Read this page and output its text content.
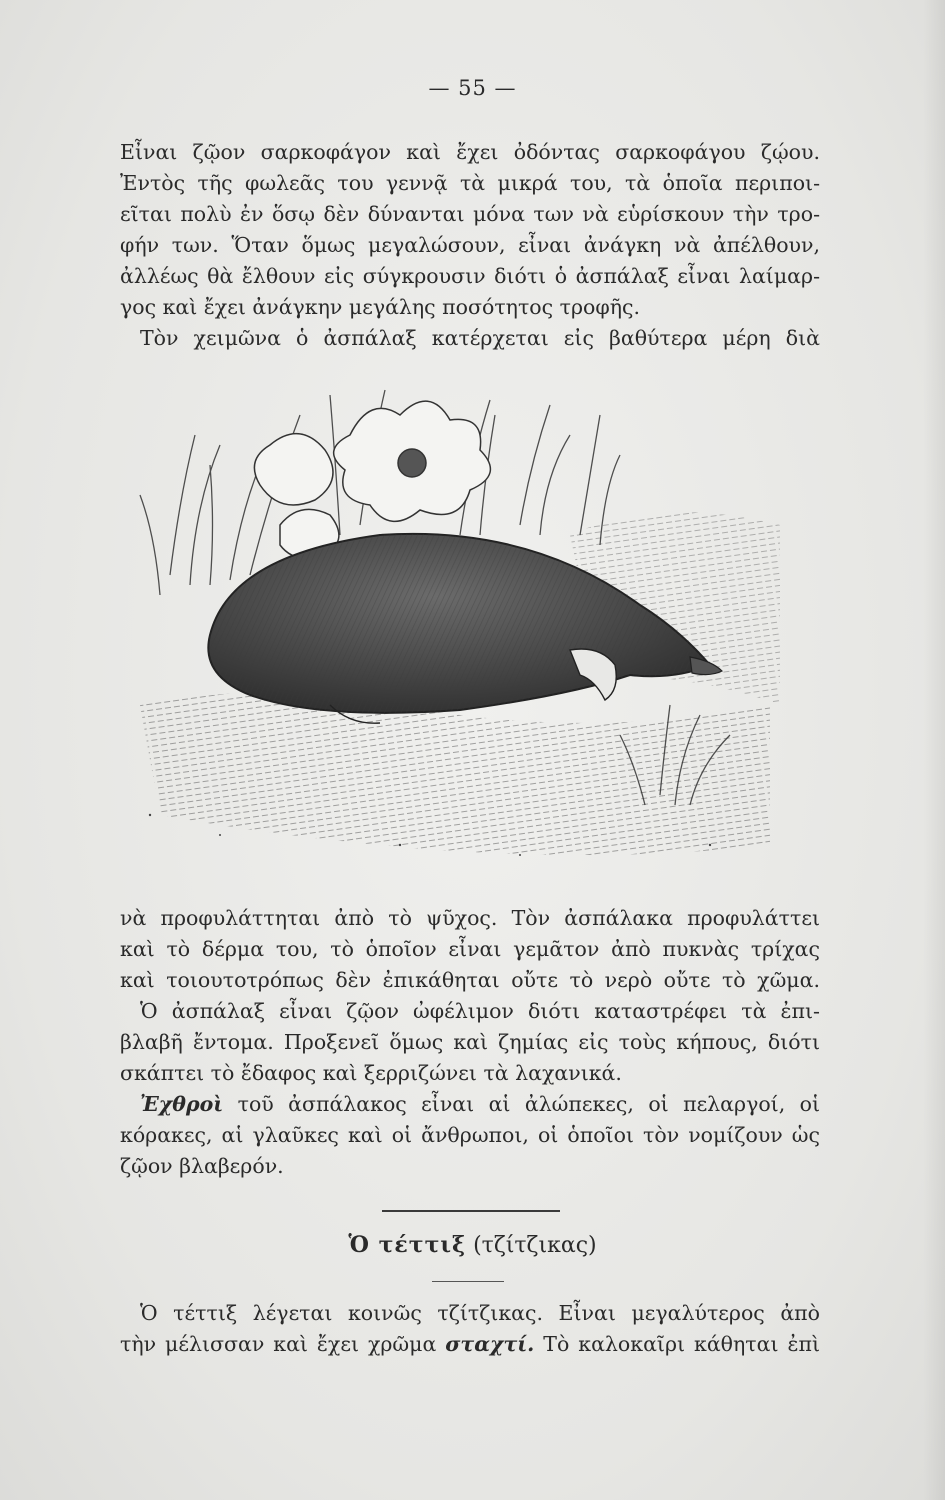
— 55 —
Εἶναι ζῷον σαρκοφάγον καὶ ἔχει ὀδόντας σαρκοφάγου ζῴου.
Ἐντὸς τῆς φωλεᾶς του γεννᾷ τὰ μικρά του, τὰ ὁποῖα περιποι-
εῖται πολὺ ἐν ὅσῳ δὲν δύνανται μόνα των νὰ εὑρίσκουν τὴν τρο-
φήν των. Ὅταν ὅμως μεγαλώσουν, εἶναι ἀνάγκη νὰ ἀπέλθουν,
ἀλλέως θὰ ἔλθουν εἰς σύγκρουσιν διότι ὁ ἀσπάλαξ εἶναι λαίμαρ-
γος καὶ ἔχει ἀνάγκην μεγάλης ποσότητος τροφῆς.
Τὸν χειμῶνα ὁ ἀσπάλαξ κατέρχεται εἰς βαθύτερα μέρη διὰ
νὰ προφυλάττηται ἀπὸ τὸ ψῦχος. Τὸν ἀσπάλακα προφυλάττει
καὶ τὸ δέρμα του, τὸ ὁποῖον εἶναι γεμᾶτον ἀπὸ πυκνὰς τρίχας
καὶ τοιουτοτρόπως δὲν ἐπικάθηται οὔτε τὸ νερὸ οὔτε τὸ χῶμα.
Ὁ ἀσπάλαξ εἶναι ζῷον ὠφέλιμον διότι καταστρέφει τὰ ἐπι-
βλαβῆ ἔντομα. Προξενεῖ ὅμως καὶ ζημίας εἰς τοὺς κήπους, διότι
σκάπτει τὸ ἔδαφος καὶ ξερριζώνει τὰ λαχανικά.
Ἐχθροὶ τοῦ ἀσπάλακος εἶναι αἱ ἀλώπεκες, οἱ πελαργοί, οἱ
κόρακες, αἱ γλαῦκες καὶ οἱ ἄνθρωποι, οἱ ὁποῖοι τὸν νομίζουν ὡς
ζῷον βλαβερόν.
Ὁ τέττιξ (τζίτζικας)
Ὁ τέττιξ λέγεται κοινῶς τζίτζικας. Εἶναι μεγαλύτερος ἀπὸ
τὴν μέλισσαν καὶ ἔχει χρῶμα σταχτί. Τὸ καλοκαῖρι κάθηται ἐπὶ
